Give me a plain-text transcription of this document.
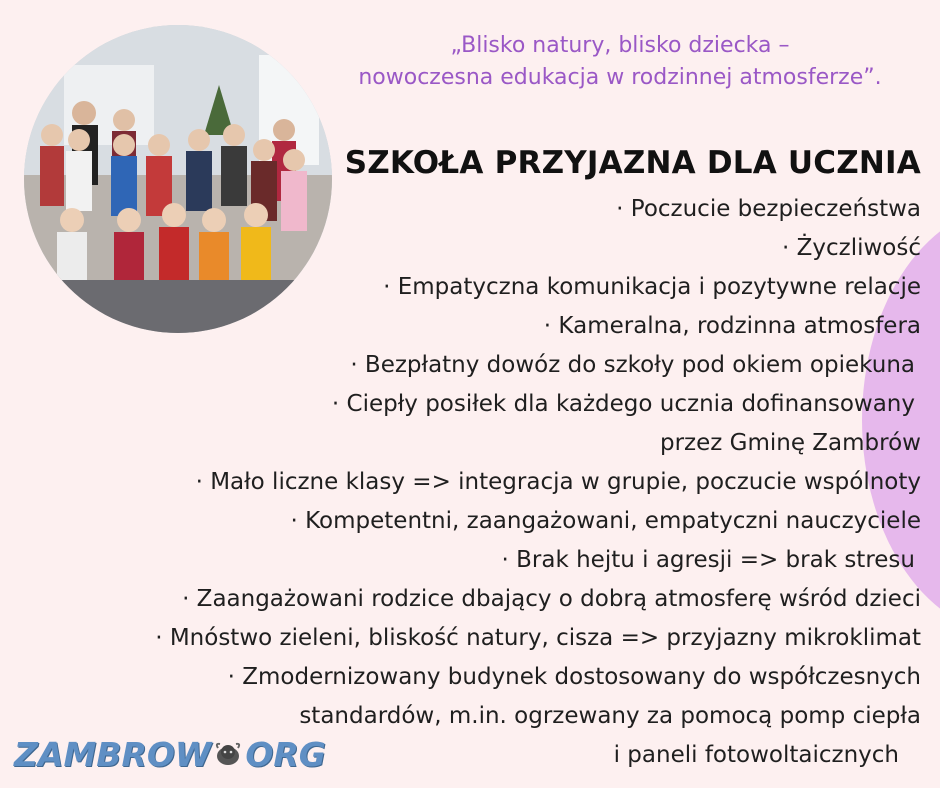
„Blisko natury, blisko dziecka –
nowoczesna edukacja w rodzinnej atmosferze”.
SZKOŁA PRZYJAZNA DLA UCZNIA
· Poczucie bezpieczeństwa
· Życzliwość
· Empatyczna komunikacja i pozytywne relacje
· Kameralna, rodzinna atmosfera
· Bezpłatny dowóz do szkoły pod okiem opiekuna
· Ciepły posiłek dla każdego ucznia dofinansowany
przez Gminę Zambrów
· Mało liczne klasy => integracja w grupie, poczucie wspólnoty
· Kompetentni, zaangażowani, empatyczni nauczyciele
· Brak hejtu i agresji => brak stresu
· Zaangażowani rodzice dbający o dobrą atmosferę wśród dzieci
· Mnóstwo zieleni, bliskość natury, cisza => przyjazny mikroklimat
· Zmodernizowany budynek dostosowany do współczesnych
standardów, m.in. ogrzewany za pomocą pomp ciepła
i paneli fotowoltaicznych
ZAMBROW ORG
